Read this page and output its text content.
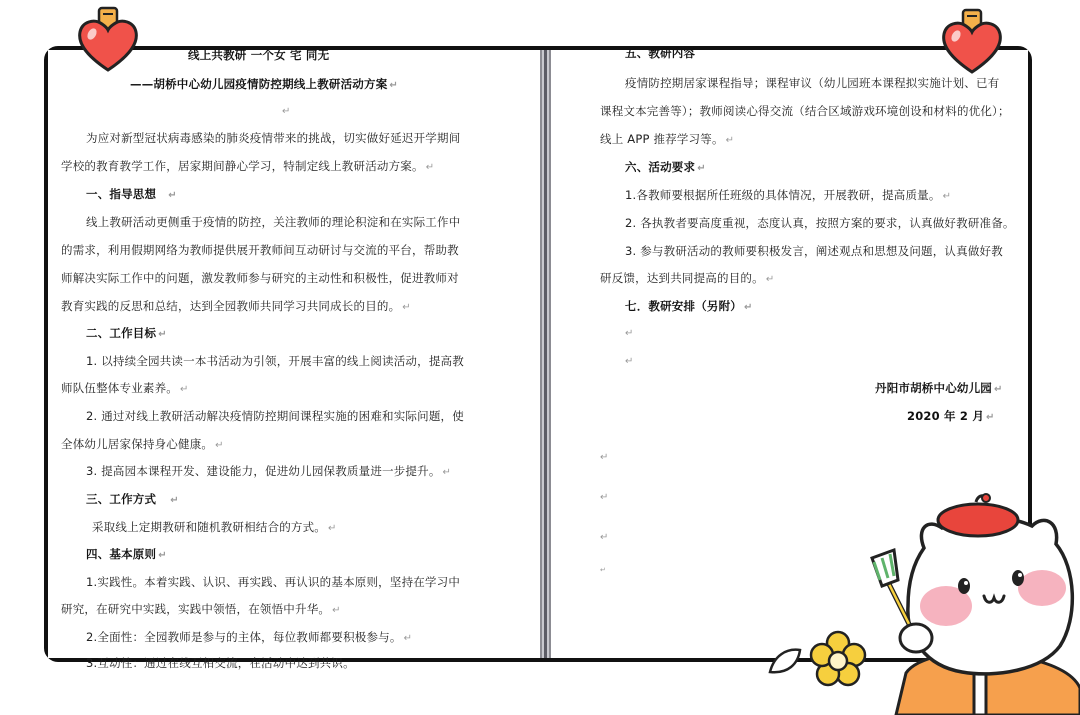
线上共教研 一个女 宅 同无
——胡桥中心幼儿园疫情防控期线上教研活动方案 ↵
↵
为应对新型冠状病毒感染的肺炎疫情带来的挑战，切实做好延迟开学期间
学校的教育教学工作，居家期间静心学习，特制定线上教研活动方案。 ↵
一、指导思想 ↵
线上教研活动更侧重于疫情的防控，关注教师的理论积淀和在实际工作中
的需求，利用假期网络为教师提供展开教师间互动研讨与交流的平台，帮助教
师解决实际工作中的问题，激发教师参与研究的主动性和积极性，促进教师对
教育实践的反思和总结，达到全园教师共同学习共同成长的目的。 ↵
二、工作目标 ↵
1. 以持续全园共读一本书活动为引领，开展丰富的线上阅读活动，提高教
师队伍整体专业素养。 ↵
2. 通过对线上教研活动解决疫情防控期间课程实施的困难和实际问题，使
全体幼儿居家保持身心健康。 ↵
3. 提高园本课程开发、建设能力，促进幼儿园保教质量进一步提升。 ↵
三、工作方式 ↵
采取线上定期教研和随机教研相结合的方式。 ↵
四、基本原则 ↵
1.实践性。本着实践、认识、再实践、再认识的基本原则，坚持在学习中
研究，在研究中实践，实践中领悟，在领悟中升华。 ↵
2.全面性：全园教师是参与的主体，每位教师都要积极参与。 ↵
3.互动性：通过在线互相交流，在活动中达到共识。
五、教研内容
疫情防控期居家课程指导；课程审议（幼儿园班本课程拟实施计划、已有
课程文本完善等）；教师阅读心得交流（结合区域游戏环境创设和材料的优化）；
线上 APP 推荐学习等。 ↵
六、活动要求 ↵
1.各教师要根据所任班级的具体情况，开展教研，提高质量。 ↵
2. 各执教者要高度重视，态度认真，按照方案的要求，认真做好教研准备。
3. 参与教研活动的教师要积极发言，阐述观点和思想及问题，认真做好教
研反馈，达到共同提高的目的。 ↵
七．教研安排（另附） ↵
↵
↵
丹阳市胡桥中心幼儿园 ↵
2020 年 2 月 ↵
↵
↵
↵
↵
